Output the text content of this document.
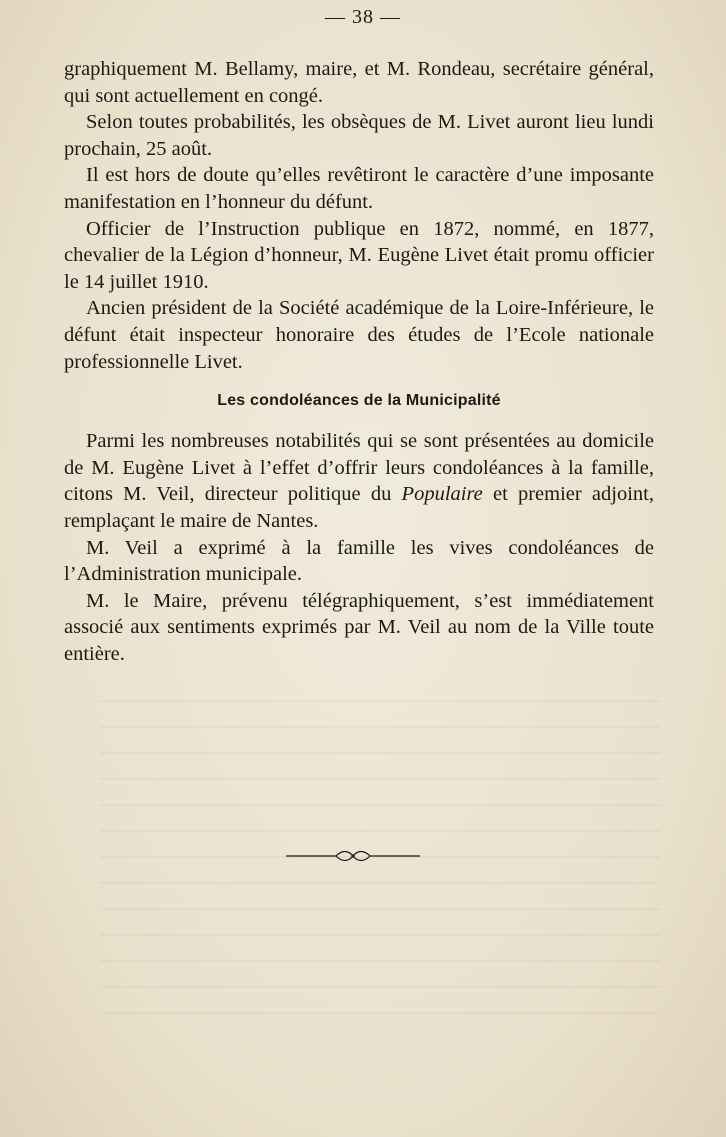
— 38 —

graphiquement M. Bellamy, maire, et M. Rondeau, secrétaire général, qui sont actuellement en congé.

Selon toutes probabilités, les obsèques de M. Livet auront lieu lundi prochain, 25 août.

Il est hors de doute qu’elles revêtiront le caractère d’une imposante manifestation en l’honneur du défunt.

Officier de l’Instruction publique en 1872, nommé, en 1877, chevalier de la Légion d’honneur, M. Eugène Livet était promu officier le 14 juillet 1910.

Ancien président de la Société académique de la Loire-Inférieure, le défunt était inspecteur honoraire des études de l’Ecole nationale professionnelle Livet.

Les condoléances de la Municipalité

Parmi les nombreuses notabilités qui se sont présentées au domicile de M. Eugène Livet à l’effet d’offrir leurs condoléances à la famille, citons M. Veil, directeur politique du Populaire et premier adjoint, remplaçant le maire de Nantes.

M. Veil a exprimé à la famille les vives condoléances de l’Administration municipale.

M. le Maire, prévenu télégraphiquement, s’est immédiatement associé aux sentiments exprimés par M. Veil au nom de la Ville toute entière.
